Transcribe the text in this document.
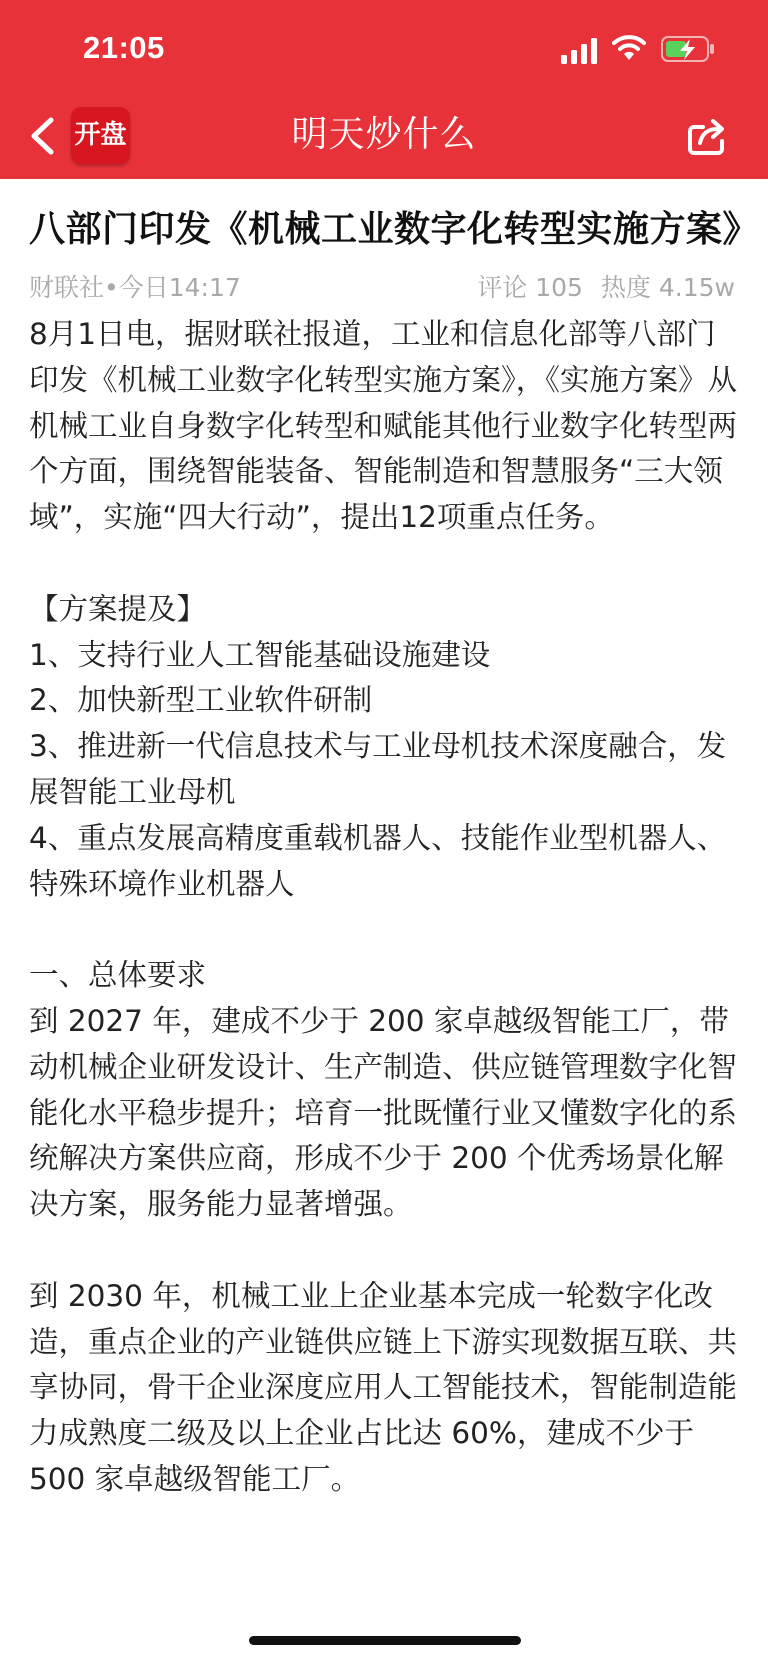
21:05
开盘	明天炒什么
八部门印发《机械工业数字化转型实施方案》
财联社•今日14:17	评论 105 热度 4.15w

8月1日电，据财联社报道，工业和信息化部等八部门印发《机械工业数字化转型实施方案》，《实施方案》从机械工业自身数字化转型和赋能其他行业数字化转型两个方面，围绕智能装备、智能制造和智慧服务“三大领域”，实施“四大行动”，提出12项重点任务。

【方案提及】

1、支持行业人工智能基础设施建设

2、加快新型工业软件研制

3、推进新一代信息技术与工业母机技术深度融合，发展智能工业母机

4、重点发展高精度重载机器人、技能作业型机器人、特殊环境作业机器人

一、总体要求

到 2027 年，建成不少于 200 家卓越级智能工厂，带动机械企业研发设计、生产制造、供应链管理数字化智能化水平稳步提升；培育一批既懂行业又懂数字化的系统解决方案供应商，形成不少于 200 个优秀场景化解决方案，服务能力显著增强。

到 2030 年，机械工业上企业基本完成一轮数字化改造，重点企业的产业链供应链上下游实现数据互联、共享协同，骨干企业深度应用人工智能技术，智能制造能力成熟度二级及以上企业占比达 60%，建成不少于 500 家卓越级智能工厂。
